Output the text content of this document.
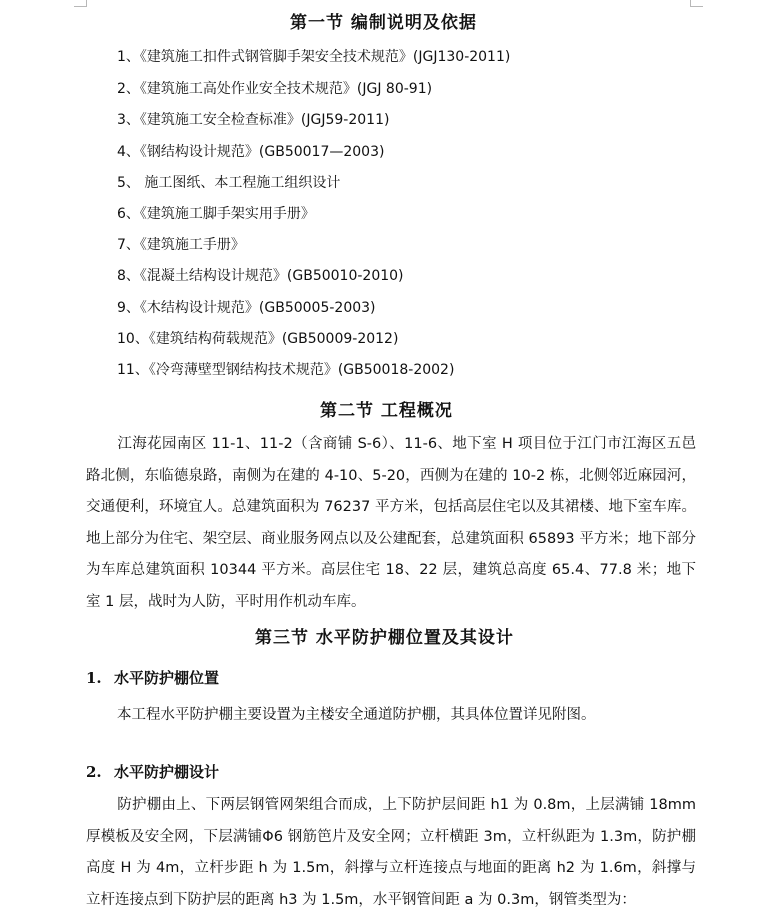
第一节 编制说明及依据
1、《建筑施工扣件式钢管脚手架安全技术规范》(JGJ130-2011)
2、《建筑施工高处作业安全技术规范》(JGJ 80-91)
3、《建筑施工安全检查标准》(JGJ59-2011)
4、《钢结构设计规范》(GB50017—2003)
5、 施工图纸、本工程施工组织设计
6、《建筑施工脚手架实用手册》
7、《建筑施工手册》
8、《混凝土结构设计规范》(GB50010-2010)
9、《木结构设计规范》(GB50005-2003)
10、《建筑结构荷载规范》(GB50009-2012)
11、《冷弯薄壁型钢结构技术规范》(GB50018-2002)
第二节 工程概况

江海花园南区 11-1、11-2（含商铺 S-6）、11-6、地下室 H 项目位于江门市江海区五邑路北侧，东临德泉路，南侧为在建的 4-10、5-20，西侧为在建的 10-2 栋，北侧邻近麻园河，交通便利，环境宜人。总建筑面积为 76237 平方米，包括高层住宅以及其裙楼、地下室车库。地上部分为住宅、架空层、商业服务网点以及公建配套，总建筑面积 65893 平方米；地下部分为车库总建筑面积 10344 平方米。高层住宅 18、22 层，建筑总高度 65.4、77.8 米；地下室 1 层，战时为人防，平时用作机动车库。

第三节 水平防护棚位置及其设计
1. 水平防护棚位置
本工程水平防护棚主要设置为主楼安全通道防护棚，其具体位置详见附图。
2. 水平防护棚设计

防护棚由上、下两层钢管网架组合而成，上下防护层间距 h1 为 0.8m，上层满铺 18mm 厚模板及安全网，下层满铺Φ6 钢筋笆片及安全网；立杆横距 3m，立杆纵距为 1.3m，防护棚高度 H 为 4m，立杆步距 h 为 1.5m，斜撑与立杆连接点与地面的距离 h2 为 1.6m，斜撑与立杆连接点到下防护层的距离 h3 为 1.5m，水平钢管间距 a 为 0.3m，钢管类型为：
